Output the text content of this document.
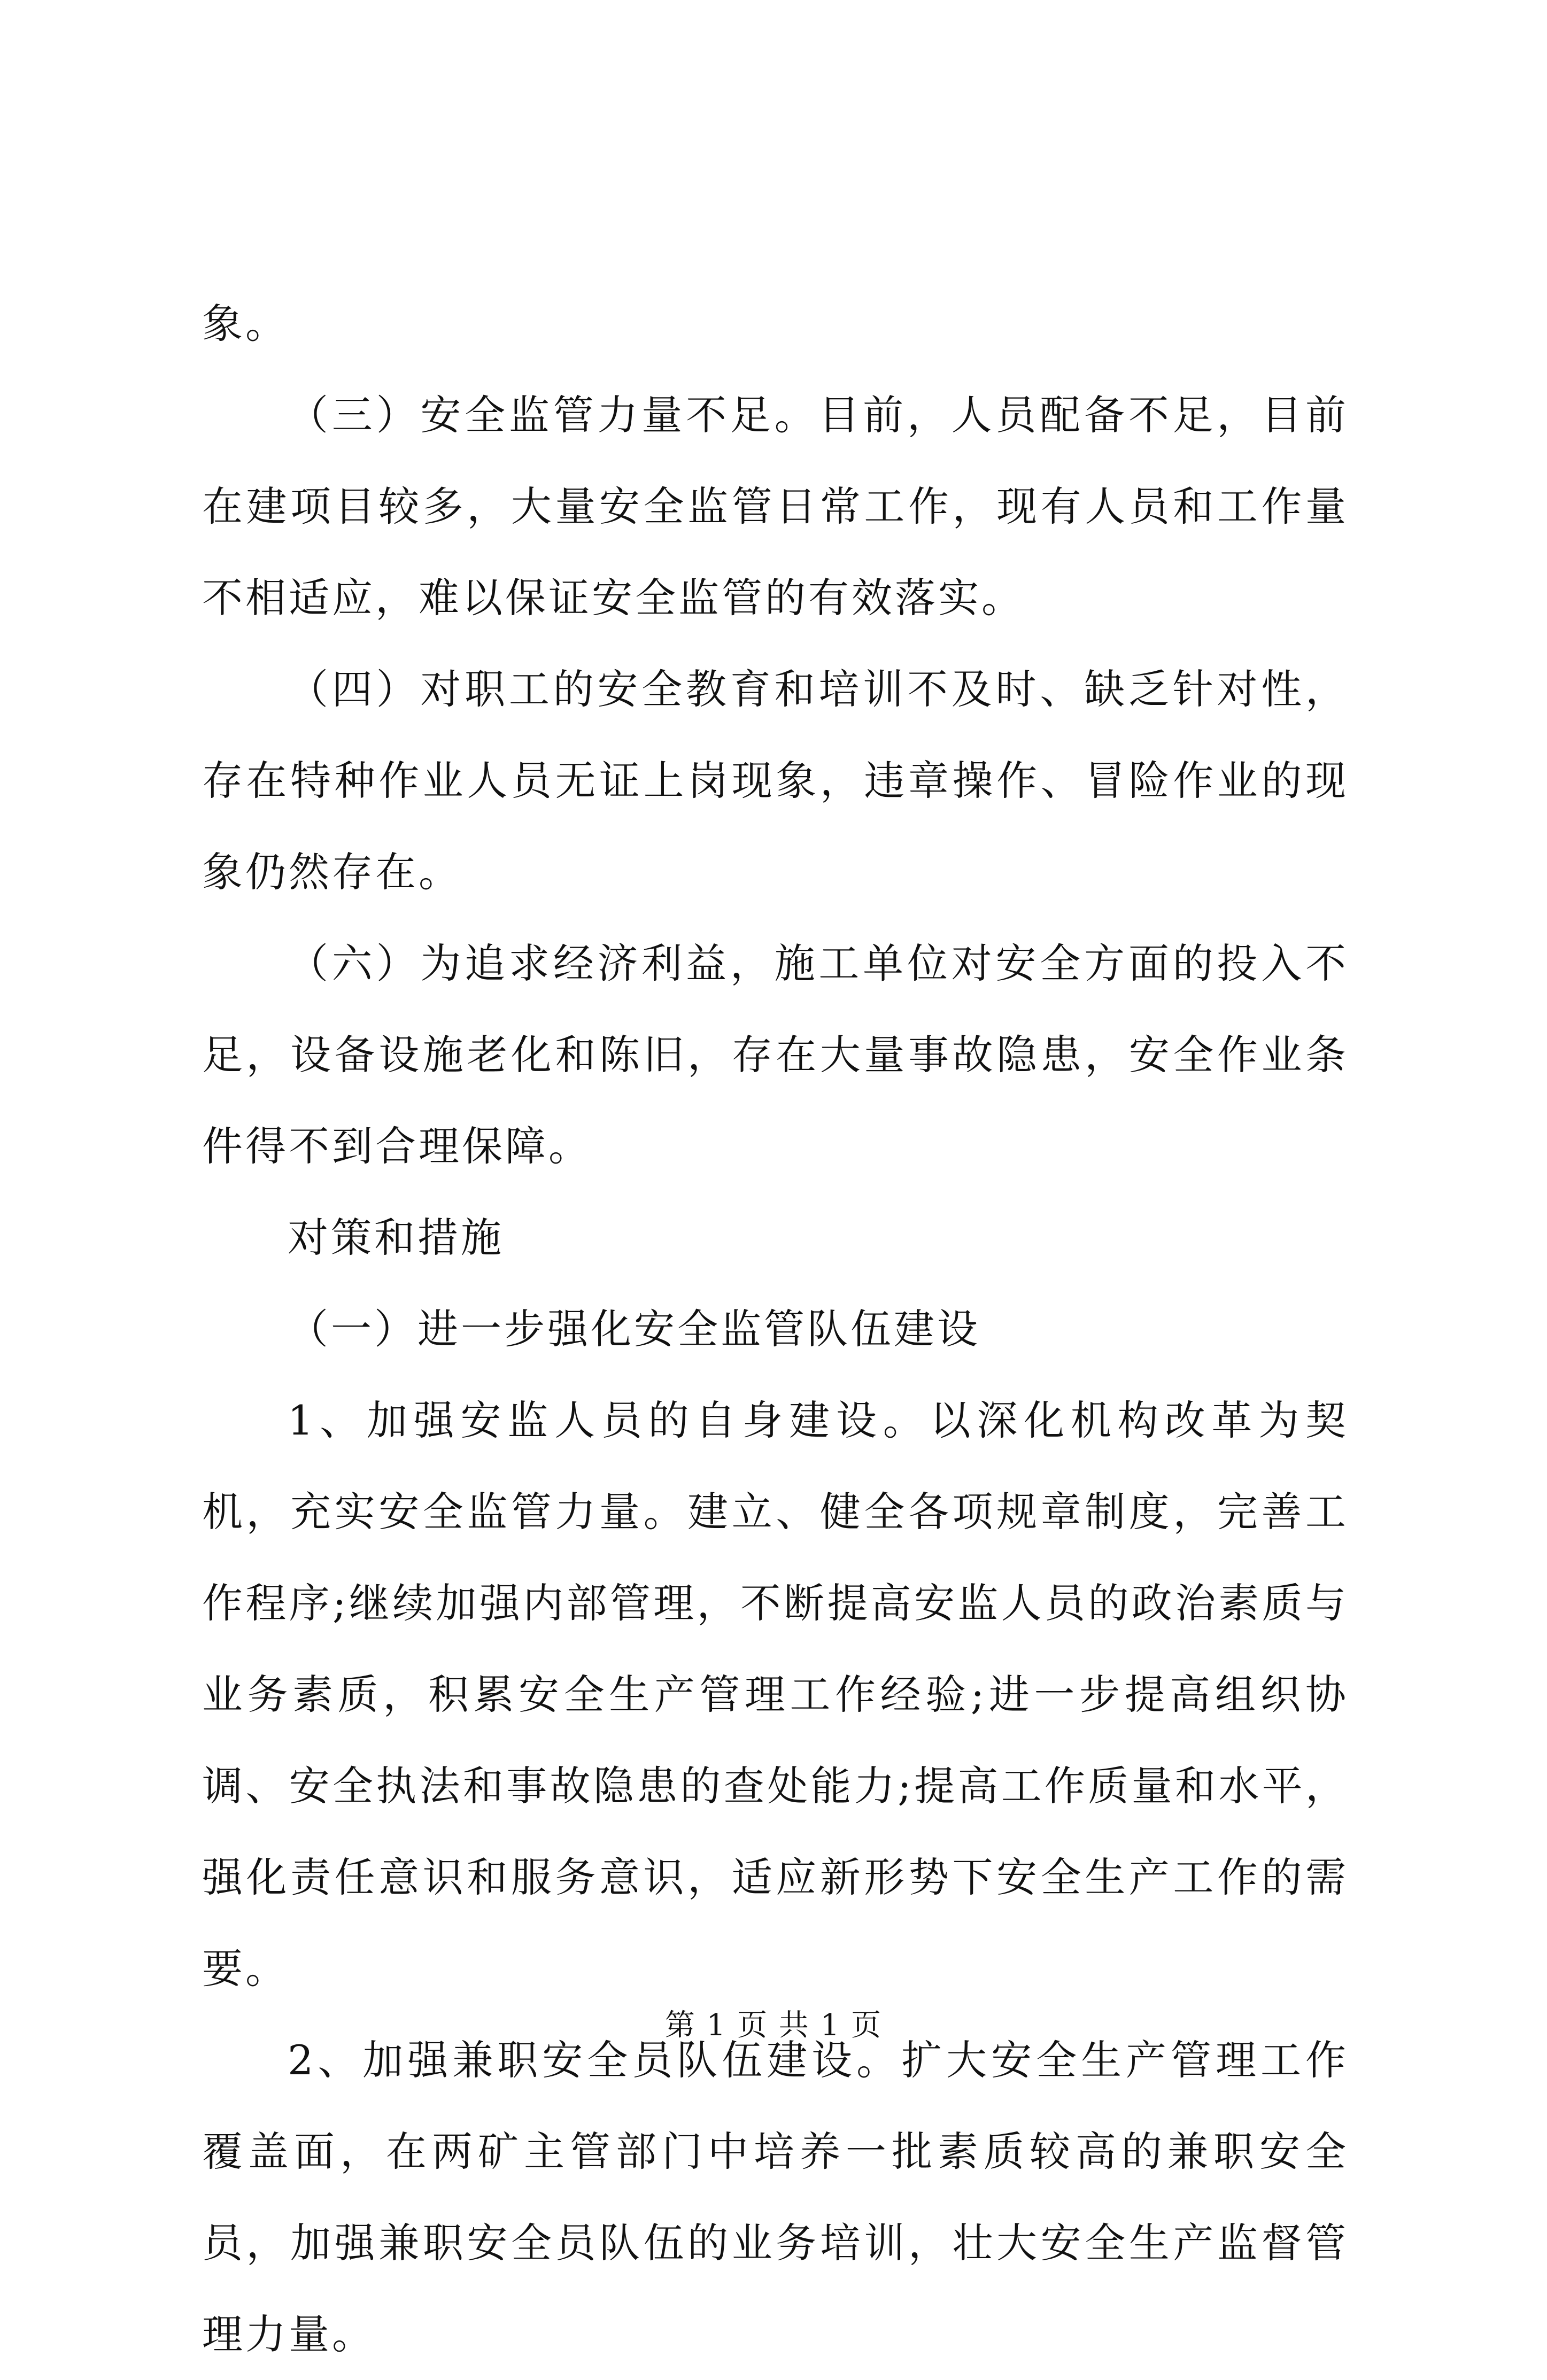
象。

（三）安全监管力量不足。目前，人员配备不足，目前在建项目较多，大量安全监管日常工作，现有人员和工作量不相适应，难以保证安全监管的有效落实。

（四）对职工的安全教育和培训不及时、缺乏针对性，存在特种作业人员无证上岗现象，违章操作、冒险作业的现象仍然存在。

（六）为追求经济利益，施工单位对安全方面的投入不足，设备设施老化和陈旧，存在大量事故隐患，安全作业条件得不到合理保障。

对策和措施

（一）进一步强化安全监管队伍建设

1、加强安监人员的自身建设。以深化机构改革为契机，充实安全监管力量。建立、健全各项规章制度，完善工作程序;继续加强内部管理，不断提高安监人员的政治素质与业务素质，积累安全生产管理工作经验;进一步提高组织协调、安全执法和事故隐患的查处能力;提高工作质量和水平，强化责任意识和服务意识，适应新形势下安全生产工作的需要。

2、加强兼职安全员队伍建设。扩大安全生产管理工作覆盖面，在两矿主管部门中培养一批素质较高的兼职安全员，加强兼职安全员队伍的业务培训，壮大安全生产监督管理力量。

第 1 页 共 1 页
